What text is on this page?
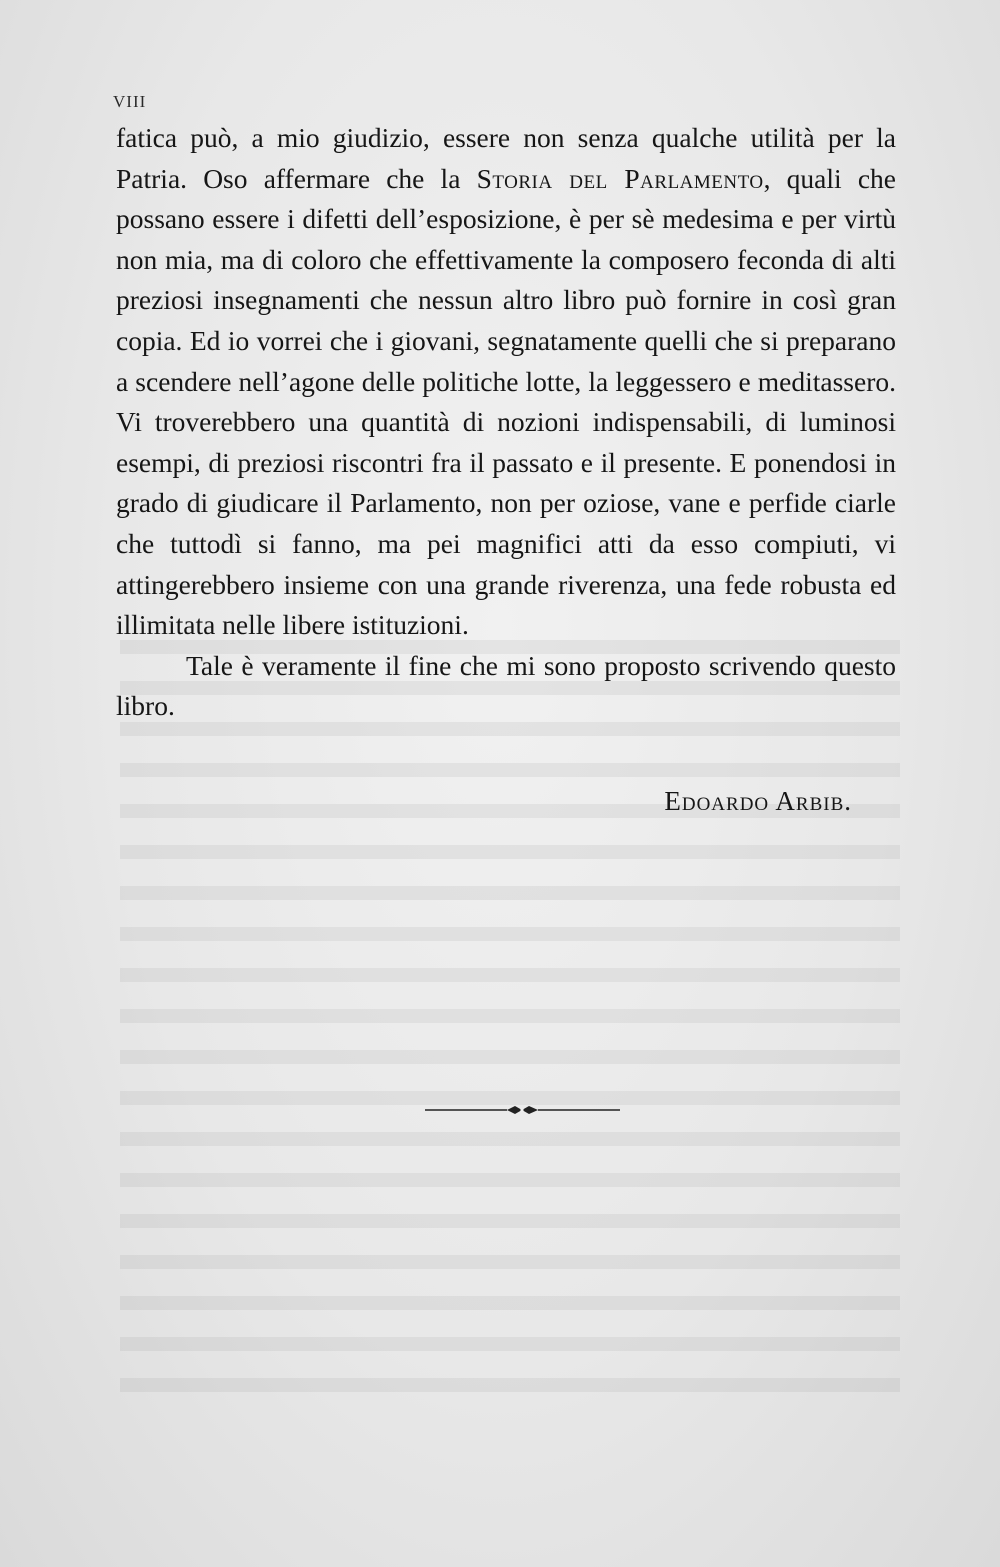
VIII

fatica può, a mio giudizio, essere non senza qualche utilità per la Patria. Oso affermare che la Storia del Parlamento, quali che possano essere i difetti dell’esposizione, è per sè medesima e per virtù non mia, ma di coloro che effettivamente la composero feconda di alti preziosi insegnamenti che nessun altro libro può fornire in così gran copia. Ed io vorrei che i giovani, segnatamente quelli che si preparano a scendere nell’agone delle politiche lotte, la leggessero e meditassero. Vi troverebbero una quantità di nozioni indispensabili, di luminosi esempi, di preziosi riscontri fra il passato e il presente. E ponendosi in grado di giudicare il Parlamento, non per oziose, vane e perfide ciarle che tuttodì si fanno, ma pei magnifici atti da esso compiuti, vi attingerebbero insieme con una grande riverenza, una fede robusta ed illimitata nelle libere istituzioni.

Tale è veramente il fine che mi sono proposto scrivendo questo libro.

Edoardo Arbib.
